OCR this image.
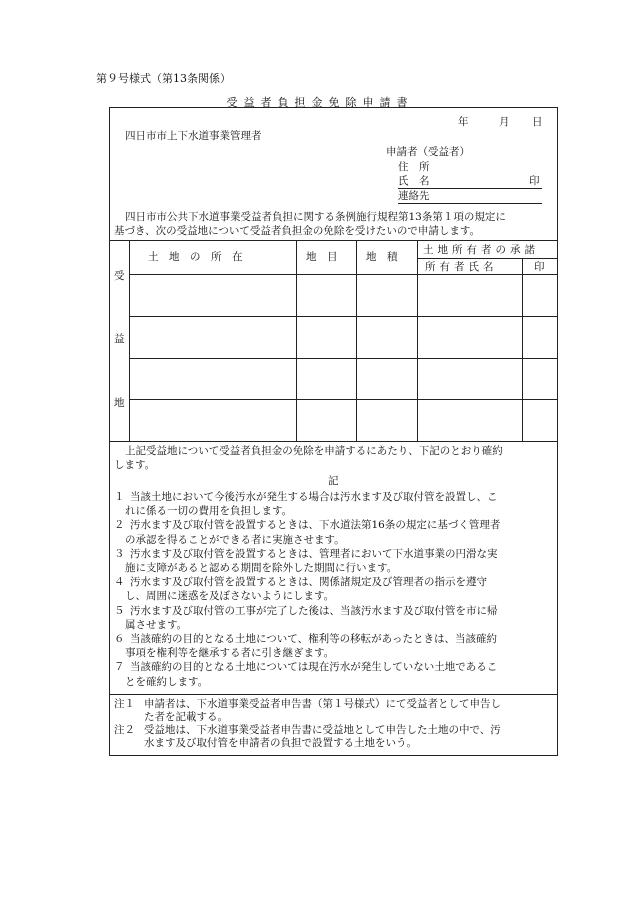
第９号様式（第13条関係）
受益者負担金免除申請書
年	月 日
四日市市上下水道事業管理者
申請者（受益者）
住　所
氏　名	印
連絡先
四日市市公共下水道事業受益者負担に関する条例施行規程第13条第１項の規定に
基づき、次の受益地について受益者負担金の免除を受けたいので申請します。
受
益
地
土　地　の　所　在	地　目	地　積
土地所有者の承諾
所有者氏名	印
上記受益地について受益者負担金の免除を申請するにあたり、下記のとおり確約
します。
記
１ 当該土地において今後汚水が発生する場合は汚水ます及び取付管を設置し、こ
れに係る一切の費用を負担します。
２ 汚水ます及び取付管を設置するときは、下水道法第16条の規定に基づく管理者
の承認を得ることができる者に実施させます。
３ 汚水ます及び取付管を設置するときは、管理者において下水道事業の円滑な実
施に支障があると認める期間を除外した期間に行います。
４ 汚水ます及び取付管を設置するときは、関係諸規定及び管理者の指示を遵守
し、周囲に迷惑を及ぼさないようにします。
５ 汚水ます及び取付管の工事が完了した後は、当該汚水ます及び取付管を市に帰
属させます。
６ 当該確約の目的となる土地について、権利等の移転があったときは、当該確約
事項を権利等を継承する者に引き継ぎます。
７ 当該確約の目的となる土地については現在汚水が発生していない土地であるこ
とを確約します。
注１ 申請者は、下水道事業受益者申告書（第１号様式）にて受益者として申告し
た者を記載する。
注２ 受益地は、下水道事業受益者申告書に受益地として申告した土地の中で、汚
水ます及び取付管を申請者の負担で設置する土地をいう。
